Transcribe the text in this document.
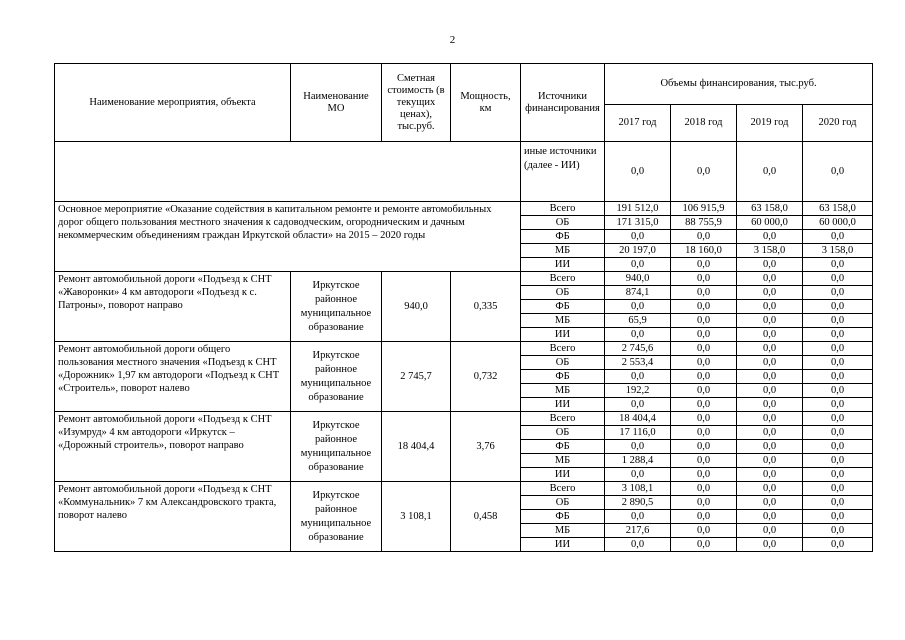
2
Наименование мероприятия, объекта	Наименование МО	Сметная стоимость (в текущих ценах), тыс.руб.	Мощность, км	Источники финансирования	Объемы финансирования, тыс.руб.			
					2017 год	2018 год	2019 год	2020 год
				иные источники (далее - ИИ)	0,0	0,0	0,0	0,0
Основное мероприятие «Оказание содействия в капитальном ремонте и ремонте автомобильных дорог общего пользования местного значения к садоводческим, огородническим и дачным некоммерческим объединениям граждан Иркутской области» на 2015 – 2020 годы				Всего	191 512,0	106 915,9	63 158,0	63 158,0
				ОБ	171 315,0	88 755,9	60 000,0	60 000,0
				ФБ	0,0	0,0	0,0	0,0
				МБ	20 197,0	18 160,0	3 158,0	3 158,0
				ИИ	0,0	0,0	0,0	0,0
Ремонт автомобильной дороги «Подъезд к СНТ «Жаворонки» 4 км автодороги «Подъезд к с. Патроны», поворот направо	Иркутское районное муниципальное образование	940,0	0,335	Всего	940,0	0,0	0,0	0,0
				ОБ	874,1	0,0	0,0	0,0
				ФБ	0,0	0,0	0,0	0,0
				МБ	65,9	0,0	0,0	0,0
				ИИ	0,0	0,0	0,0	0,0
Ремонт автомобильной дороги общего пользования местного значения «Подъезд к СНТ «Дорожник» 1,97 км автодороги «Подъезд к СНТ «Строитель», поворот налево	Иркутское районное муниципальное образование	2 745,7	0,732	Всего	2 745,6	0,0	0,0	0,0
				ОБ	2 553,4	0,0	0,0	0,0
				ФБ	0,0	0,0	0,0	0,0
				МБ	192,2	0,0	0,0	0,0
				ИИ	0,0	0,0	0,0	0,0
Ремонт автомобильной дороги «Подъезд к СНТ «Изумруд» 4 км автодороги «Иркутск – «Дорожный строитель», поворот направо	Иркутское районное муниципальное образование	18 404,4	3,76	Всего	18 404,4	0,0	0,0	0,0
				ОБ	17 116,0	0,0	0,0	0,0
				ФБ	0,0	0,0	0,0	0,0
				МБ	1 288,4	0,0	0,0	0,0
				ИИ	0,0	0,0	0,0	0,0
Ремонт автомобильной дороги «Подъезд к СНТ «Коммунальник» 7 км Александровского тракта, поворот налево	Иркутское районное муниципальное образование	3 108,1	0,458	Всего	3 108,1	0,0	0,0	0,0
				ОБ	2 890,5	0,0	0,0	0,0
				ФБ	0,0	0,0	0,0	0,0
				МБ	217,6	0,0	0,0	0,0
				ИИ	0,0	0,0	0,0	0,0
